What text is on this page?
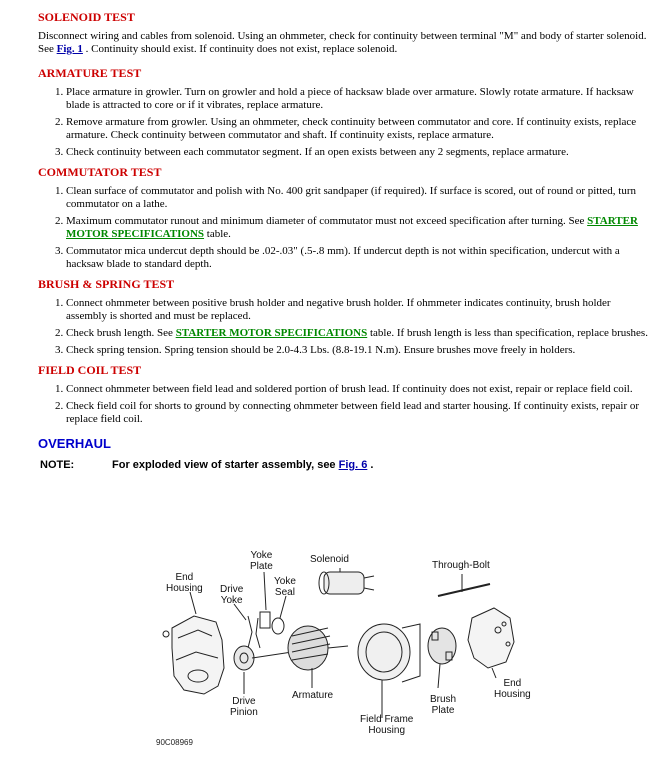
SOLENOID TEST

Disconnect wiring and cables from solenoid. Using an ohmmeter, check for continuity between terminal "M" and body of starter solenoid. See Fig. 1 . Continuity should exist. If continuity does not exist, replace solenoid.

ARMATURE TEST
1. Place armature in growler. Turn on growler and hold a piece of hacksaw blade over armature. Slowly rotate armature. If hacksaw blade is attracted to core or if it vibrates, replace armature.
2. Remove armature from growler. Using an ohmmeter, check continuity between commutator and core. If continuity exists, replace armature. Check continuity between commutator and shaft. If continuity exists, replace armature.
3. Check continuity between each commutator segment. If an open exists between any 2 segments, replace armature.
COMMUTATOR TEST
1. Clean surface of commutator and polish with No. 400 grit sandpaper (if required). If surface is scored, out of round or pitted, turn commutator on a lathe.
2. Maximum commutator runout and minimum diameter of commutator must not exceed specification after turning. See STARTER MOTOR SPECIFICATIONS table.
3. Commutator mica undercut depth should be .02-.03" (.5-.8 mm). If undercut depth is not within specification, undercut with a hacksaw blade to standard depth.
BRUSH & SPRING TEST
1. Connect ohmmeter between positive brush holder and negative brush holder. If ohmmeter indicates continuity, brush holder assembly is shorted and must be replaced.
2. Check brush length. See STARTER MOTOR SPECIFICATIONS table. If brush length is less than specification, replace brushes.
3. Check spring tension. Spring tension should be 2.0-4.3 Lbs. (8.8-19.1 N.m). Ensure brushes move freely in holders.
FIELD COIL TEST
1. Connect ohmmeter between field lead and soldered portion of brush lead. If continuity does not exist, repair or replace field coil.
2. Check field coil for shorts to ground by connecting ohmmeter between field lead and starter housing. If continuity exists, repair or replace field coil.
OVERHAUL
NOTE:	For exploded view of starter assembly, see Fig. 6 .
Yoke
Plate
Solenoid
Through-Bolt
End
Housing Drive
Yoke
Yoke
Seal
Armature
Drive
Pinion
Field Frame
Housing
Brush
Plate
End
Housing
90C08969
